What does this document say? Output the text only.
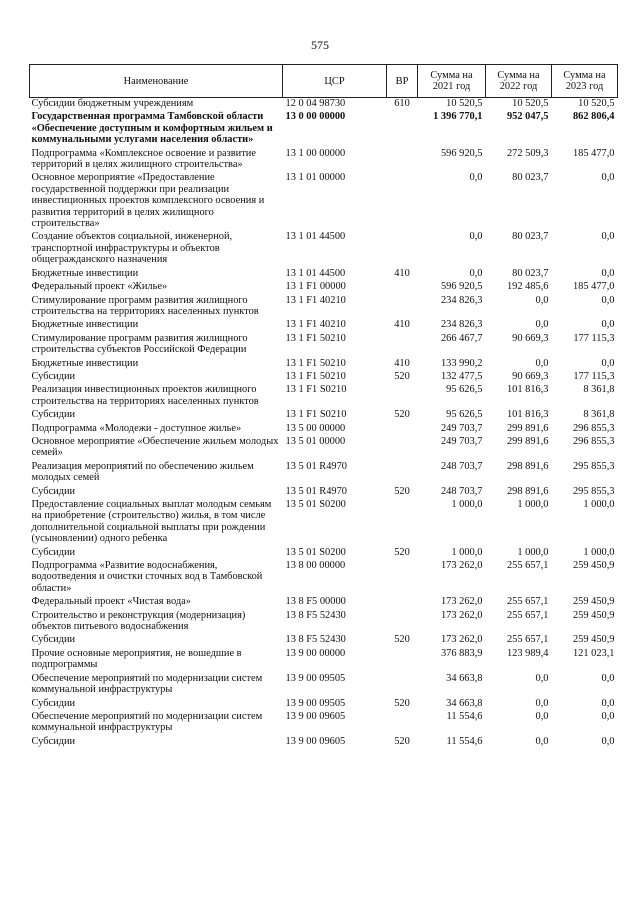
575
Наименование	ЦСР	ВР	Сумма на 2021 год	Сумма на 2022 год	Сумма на 2023 год
Субсидии бюджетным учреждениям	12 0 04 98730	610	10 520,5	10 520,5	10 520,5
Государственная программа Тамбовской области «Обеспечение доступным и комфортным жильем и коммунальными услугами населения области»	13 0 00 00000		1 396 770,1	952 047,5	862 806,4
Подпрограмма «Комплексное освоение и развитие территорий в целях жилищного строительства»	13 1 00 00000		596 920,5	272 509,3	185 477,0
Основное мероприятие «Предоставление государственной поддержки при реализации инвестиционных проектов комплексного освоения и развития территорий в целях жилищного строительства»	13 1 01 00000		0,0	80 023,7	0,0
Создание объектов социальной, инженерной, транспортной инфраструктуры и объектов общегражданского назначения	13 1 01 44500		0,0	80 023,7	0,0
Бюджетные инвестиции	13 1 01 44500	410	0,0	80 023,7	0,0
Федеральный проект «Жилье»	13 1 F1 00000		596 920,5	192 485,6	185 477,0
Стимулирование программ развития жилищного строительства на территориях населенных пунктов	13 1 F1 40210		234 826,3	0,0	0,0
Бюджетные инвестиции	13 1 F1 40210	410	234 826,3	0,0	0,0
Стимулирование программ развития жилищного строительства субъектов Российской Федерации	13 1 F1 50210		266 467,7	90 669,3	177 115,3
Бюджетные инвестиции	13 1 F1 50210	410	133 990,2	0,0	0,0
Субсидии	13 1 F1 50210	520	132 477,5	90 669,3	177 115,3
Реализация инвестиционных проектов жилищного строительства на территориях населенных пунктов	13 1 F1 S0210		95 626,5	101 816,3	8 361,8
Субсидии	13 1 F1 S0210	520	95 626,5	101 816,3	8 361,8
Подпрограмма «Молодежи - доступное жилье»	13 5 00 00000		249 703,7	299 891,6	296 855,3
Основное мероприятие «Обеспечение жильем молодых семей»	13 5 01 00000		249 703,7	299 891,6	296 855,3
Реализация мероприятий по обеспечению жильем молодых семей	13 5 01 R4970		248 703,7	298 891,6	295 855,3
Субсидии	13 5 01 R4970	520	248 703,7	298 891,6	295 855,3
Предоставление социальных выплат молодым семьям на приобретение (строительство) жилья, в том числе дополнительной социальной выплаты при рождении (усыновлении) одного ребенка	13 5 01 S0200		1 000,0	1 000,0	1 000,0
Субсидии	13 5 01 S0200	520	1 000,0	1 000,0	1 000,0
Подпрограмма «Развитие водоснабжения, водоотведения и очистки сточных вод в Тамбовской области»	13 8 00 00000		173 262,0	255 657,1	259 450,9
Федеральный проект «Чистая вода»	13 8 F5 00000		173 262,0	255 657,1	259 450,9
Строительство и реконструкция (модернизация) объектов питьевого водоснабжения	13 8 F5 52430		173 262,0	255 657,1	259 450,9
Субсидии	13 8 F5 52430	520	173 262,0	255 657,1	259 450,9
Прочие основные мероприятия, не вошедшие в подпрограммы	13 9 00 00000		376 883,9	123 989,4	121 023,1
Обеспечение мероприятий по модернизации систем коммунальной инфраструктуры	13 9 00 09505		34 663,8	0,0	0,0
Субсидии	13 9 00 09505	520	34 663,8	0,0	0,0
Обеспечение мероприятий по модернизации систем коммунальной инфраструктуры	13 9 00 09605		11 554,6	0,0	0,0
Субсидии	13 9 00 09605	520	11 554,6	0,0	0,0
